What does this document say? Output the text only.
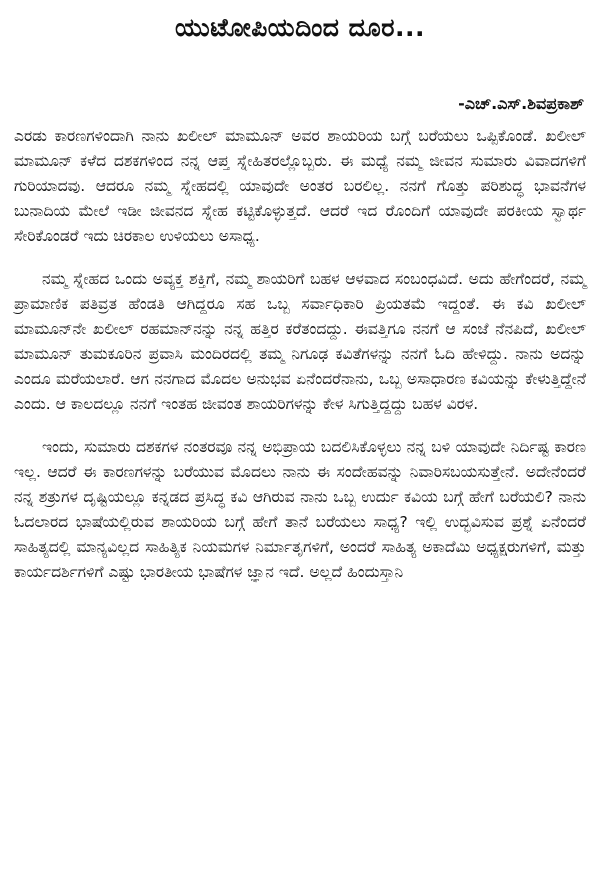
ಯುಟೋಪಿಯದಿಂದ ದೂರ...
-ಎಚ್.ಎಸ್.ಶಿವಪ್ರಕಾಶ್

ಎರಡು ಕಾರಣಗಳಿಂದಾಗಿ ನಾನು ಖಲೀಲ್ ಮಾಮೂನ್ ಅವರ ಶಾಯರಿಯ ಬಗ್ಗೆ ಬರೆಯಲು ಒಪ್ಪಿಕೊಂಡೆ. ಖಲೀಲ್ ಮಾಮೂನ್ ಕಳೆದ ದಶಕಗಳಿಂದ ನನ್ನ ಆಪ್ತ ಸ್ನೇಹಿತರಲ್ಲೊಬ್ಬರು. ಈ ಮಧ್ಯೆ ನಮ್ಮ ಜೀವನ ಸುಮಾರು ವಿವಾದಗಳಿಗೆ ಗುರಿಯಾದವು. ಆದರೂ ನಮ್ಮ ಸ್ನೇಹದಲ್ಲಿ ಯಾವುದೇ ಅಂತರ ಬರಲಿಲ್ಲ. ನನಗೆ ಗೊತ್ತು ಪರಿಶುದ್ಧ ಭಾವನೆಗಳ ಬುನಾದಿಯ ಮೇಲೆ ಇಡೀ ಜೀವನದ ಸ್ನೇಹ ಕಟ್ಟಿಕೊಳ್ಳುತ್ತದೆ. ಆದರೆ ಇದ ರೊಂದಿಗೆ ಯಾವುದೇ ಪರಕೀಯ ಸ್ವಾರ್ಥ ಸೇರಿಕೊಂಡರೆ ಇದು ಚಿರಕಾಲ ಉಳಿಯಲು ಅಸಾಧ್ಯ.

ನಮ್ಮ ಸ್ನೇಹದ ಒಂದು ಅವ್ಯಕ್ತ ಶಕ್ತಿಗೆ, ನಮ್ಮ ಶಾಯರಿಗೆ ಬಹಳ ಆಳವಾದ ಸಂಬಂಧವಿದೆ. ಅದು ಹೇಗೆಂದರೆ, ನಮ್ಮ ಪ್ರಾಮಾಣಿಕ ಪತಿವ್ರತ ಹೆಂಡತಿ ಆಗಿದ್ದರೂ ಸಹ ಒಬ್ಬ ಸರ್ವಾಧಿಕಾರಿ ಪ್ರಿಯತಮೆ ಇದ್ದಂತೆ. ಈ ಕವಿ ಖಲೀಲ್ ಮಾಮೂನ್‌ನೇ ಖಲೀಲ್ ರಹಮಾನ್‌ನನ್ನು ನನ್ನ ಹತ್ತಿರ ಕರೆತಂದದ್ದು. ಈವತ್ತಿಗೂ ನನಗೆ ಆ ಸಂಜೆ ನೆನಪಿದೆ, ಖಲೀಲ್ ಮಾಮೂನ್ ತುಮಕೂರಿನ ಪ್ರವಾಸಿ ಮಂದಿರದಲ್ಲಿ ತಮ್ಮ ನಿಗೂಢ ಕವಿತೆಗಳನ್ನು ನನಗೆ ಓದಿ ಹೇಳಿದ್ದು. ನಾನು ಅದನ್ನು ಎಂದೂ ಮರೆಯಲಾರೆ. ಆಗ ನನಗಾದ ಮೊದಲ ಅನುಭವ ಏನೆಂದರೆನಾನು, ಒಬ್ಬ ಅಸಾಧಾರಣ ಕವಿಯನ್ನು ಕೇಳುತ್ತಿದ್ದೇನೆ ಎಂದು. ಆ ಕಾಲದಲ್ಲೂ ನನಗೆ ಇಂತಹ ಜೀವಂತ ಶಾಯರಿಗಳನ್ನು ಕೇಳ ಸಿಗುತ್ತಿದ್ದದ್ದು ಬಹಳ ವಿರಳ.

ಇಂದು, ಸುಮಾರು ದಶಕಗಳ ನಂತರವೂ ನನ್ನ ಅಭಿಪ್ರಾಯ ಬದಲಿಸಿಕೊಳ್ಳಲು ನನ್ನ ಬಳಿ ಯಾವುದೇ ನಿರ್ದಿಷ್ಟ ಕಾರಣ ಇಲ್ಲ. ಆದರೆ ಈ ಕಾರಣಗಳನ್ನು ಬರೆಯುವ ಮೊದಲು ನಾನು ಈ ಸಂದೇಹವನ್ನು ನಿವಾರಿಸಬಯಸುತ್ತೇನೆ. ಅದೇನೆಂದರೆ ನನ್ನ ಶತ್ರುಗಳ ದೃಷ್ಟಿಯಲ್ಲೂ ಕನ್ನಡದ ಪ್ರಸಿದ್ಧ ಕವಿ ಆಗಿರುವ ನಾನು ಒಬ್ಬ ಉರ್ದು ಕವಿಯ ಬಗ್ಗೆ ಹೇಗೆ ಬರೆಯಲಿ? ನಾನು ಓದಲಾರದ ಭಾಷೆಯಲ್ಲಿರುವ ಶಾಯರಿಯ ಬಗ್ಗೆ ಹೇಗೆ ತಾನೆ ಬರೆಯಲು ಸಾಧ್ಯ? ಇಲ್ಲಿ ಉದ್ಭವಿಸುವ ಪ್ರಶ್ನೆ ಏನೆಂದರೆ ಸಾಹಿತ್ಯದಲ್ಲಿ ಮಾನ್ಯವಿಲ್ಲದ ಸಾಹಿತ್ಯಿಕ ನಿಯಮಗಳ ನಿರ್ಮಾತೃಗಳಿಗೆ, ಅಂದರೆ ಸಾಹಿತ್ಯ ಅಕಾದೆಮಿ ಅಧ್ಯಕ್ಷರುಗಳಿಗೆ, ಮತ್ತು ಕಾರ್ಯದರ್ಶಿಗಳಿಗೆ ಎಷ್ಟು ಭಾರತೀಯ ಭಾಷೆಗಳ ಜ್ಞಾನ ಇದೆ. ಅಲ್ಲದೆ ಹಿಂದುಸ್ತಾನಿ
